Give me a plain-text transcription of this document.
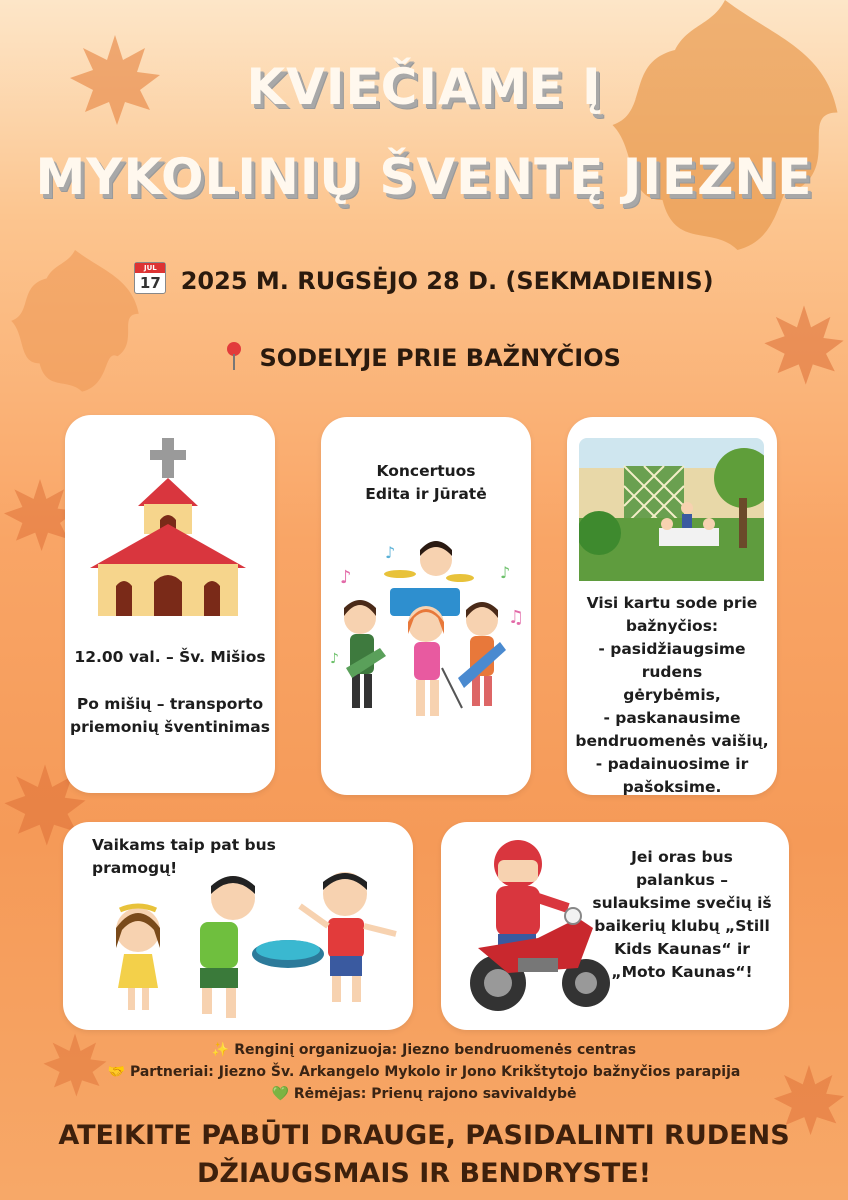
KVIEČIAME Į
MYKOLINIŲ ŠVENTĘ JIEZNE
JUL
17 2025 M. RUGSĖJO 28 D. (SEKMADIENIS)
SODELYJE PRIE BAŽNYČIOS
12.00 val. – Šv. Mišios
Po mišių – transporto
priemonių šventinimas
Koncertuos
Edita ir Jūratė
♪
♪
♪
♫
♪
Visi kartu sode prie
bažnyčios:
- pasidžiaugsime rudens
gėrybėmis,
- paskanausime
bendruomenės vaišių,
- padainuosime ir
pašoksime.
Vaikams taip pat bus
pramogų!
Jei oras bus
palankus –
sulauksime svečių iš
baikerių klubų „Still
Kids Kaunas“ ir
„Moto Kaunas“!
✨ Renginį organizuoja: Jiezno bendruomenės centras
🤝 Partneriai: Jiezno Šv. Arkangelo Mykolo ir Jono Krikštytojo bažnyčios parapija
💚 Rėmėjas: Prienų rajono savivaldybė
ATEIKITE PABŪTI DRAUGE, PASIDALINTI RUDENS
DŽIAUGSMAIS IR BENDRYSTE!
